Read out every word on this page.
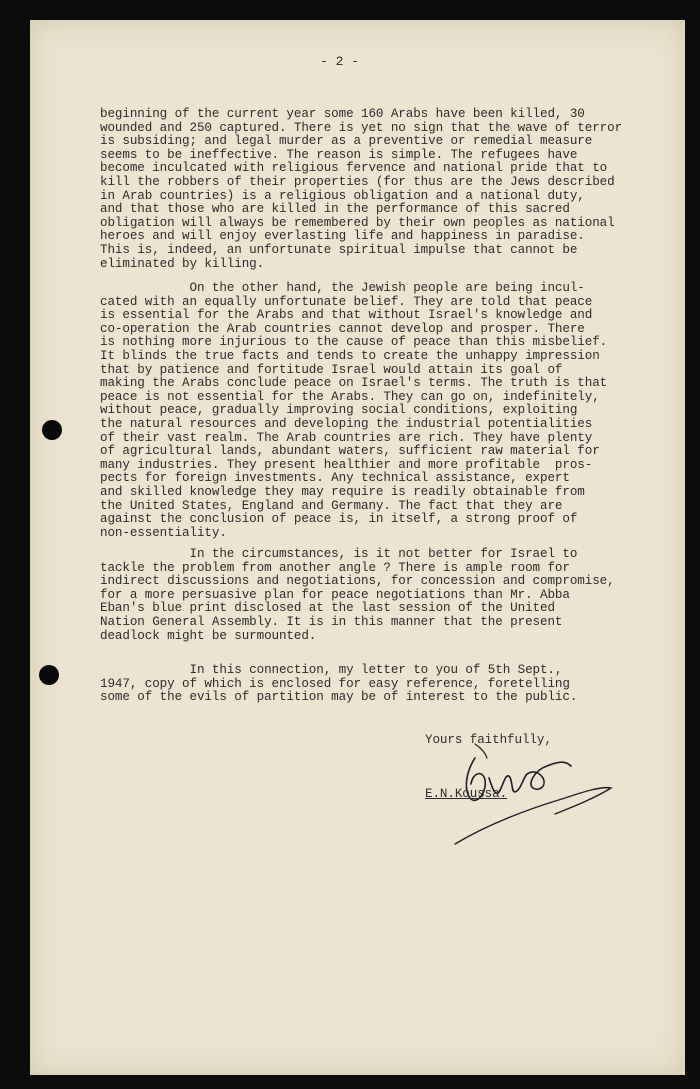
- 2 -
beginning of the current year some 160 Arabs have been killed, 30
wounded and 250 captured. There is yet no sign that the wave of terror
is subsiding; and legal murder as a preventive or remedial measure
seems to be ineffective. The reason is simple. The refugees have
become inculcated with religious fervence and national pride that to
kill the robbers of their properties (for thus are the Jews described
in Arab countries) is a religious obligation and a national duty,
and that those who are killed in the performance of this sacred
obligation will always be remembered by their own peoples as national
heroes and will enjoy everlasting life and happiness in paradise.
This is, indeed, an unfortunate spiritual impulse that cannot be
eliminated by killing.
On the other hand, the Jewish people are being incul-
cated with an equally unfortunate belief. They are told that peace
is essential for the Arabs and that without Israel's knowledge and
co-operation the Arab countries cannot develop and prosper. There
is nothing more injurious to the cause of peace than this misbelief.
It blinds the true facts and tends to create the unhappy impression
that by patience and fortitude Israel would attain its goal of
making the Arabs conclude peace on Israel's terms. The truth is that
peace is not essential for the Arabs. They can go on, indefinitely,
without peace, gradually improving social conditions, exploiting
the natural resources and developing the industrial potentialities
of their vast realm. The Arab countries are rich. They have plenty
of agricultural lands, abundant waters, sufficient raw material for
many industries. They present healthier and more profitable  pros-
pects for foreign investments. Any technical assistance, expert
and skilled knowledge they may require is readily obtainable from
the United States, England and Germany. The fact that they are
against the conclusion of peace is, in itself, a strong proof of
non-essentiality.
In the circumstances, is it not better for Israel to
tackle the problem from another angle ? There is ample room for
indirect discussions and negotiations, for concession and compromise,
for a more persuasive plan for peace negotiations than Mr. Abba
Eban's blue print disclosed at the last session of the United
Nation General Assembly. It is in this manner that the present
deadlock might be surmounted.
In this connection, my letter to you of 5th Sept.,
1947, copy of which is enclosed for easy reference, foretelling
some of the evils of partition may be of interest to the public.
Yours faithfully,
E.N.Koussa.
